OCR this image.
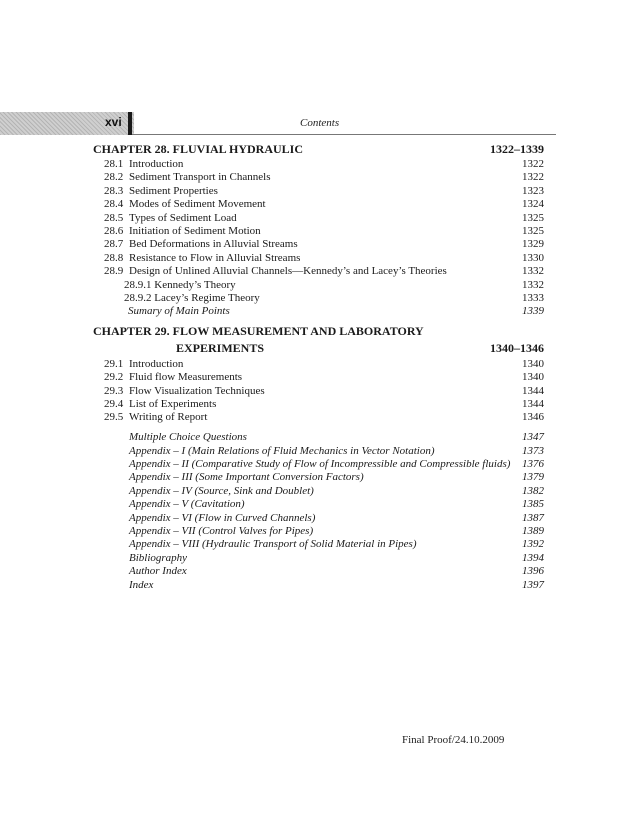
xvi	Contents
CHAPTER 28. FLUVIAL HYDRAULIC	1322–1339
28.1 Introduction	1322
28.2 Sediment Transport in Channels	1322
28.3 Sediment Properties	1323
28.4 Modes of Sediment Movement	1324
28.5 Types of Sediment Load	1325
28.6 Initiation of Sediment Motion	1325
28.7 Bed Deformations in Alluvial Streams	1329
28.8 Resistance to Flow in Alluvial Streams	1330
28.9 Design of Unlined Alluvial Channels—Kennedy’s and Lacey’s Theories	1332
28.9.1 Kennedy’s Theory	1332
28.9.2 Lacey’s Regime Theory	1333
Sumary of Main Points	1339
CHAPTER 29. FLOW MEASUREMENT AND LABORATORY
EXPERIMENTS	1340–1346
29.1 Introduction	1340
29.2 Fluid flow Measurements	1340
29.3 Flow Visualization Techniques	1344
29.4 List of Experiments	1344
29.5 Writing of Report	1346
Multiple Choice Questions	1347
Appendix – I (Main Relations of Fluid Mechanics in Vector Notation)	1373
Appendix – II (Comparative Study of Flow of Incompressible and Compressible fluids) 1376
Appendix – III (Some Important Conversion Factors)	1379
Appendix – IV (Source, Sink and Doublet)	1382
Appendix – V (Cavitation)	1385
Appendix – VI (Flow in Curved Channels)	1387
Appendix – VII (Control Valves for Pipes)	1389
Appendix – VIII (Hydraulic Transport of Solid Material in Pipes)	1392
Bibliography	1394
Author Index	1396
Index	1397
Final Proof/24.10.2009
